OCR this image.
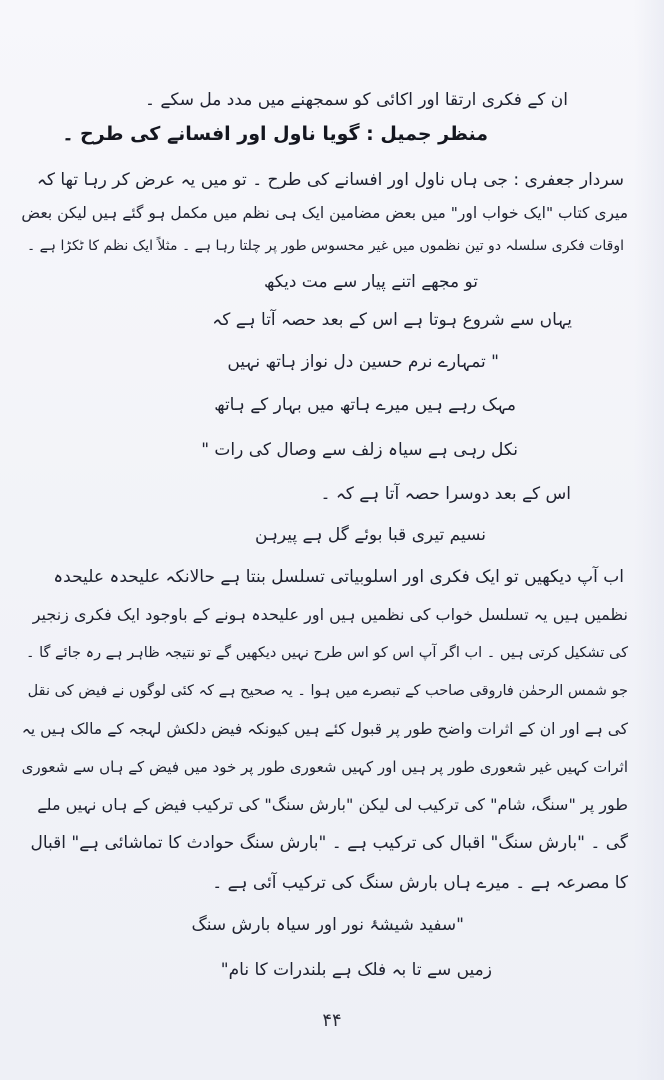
ان کے فکری ارتقا اور اکائی کو سمجھنے میں مدد مل سکے ۔
منظر جمیل : گویا ناول اور افسانے کی طرح ۔
سردار جعفری : جی ہاں ناول اور افسانے کی طرح ۔ تو میں یہ عرض کر رہا تھا کہ
میری کتاب "ایک خواب اور" میں بعض مضامین ایک ہی نظم میں مکمل ہو گئے ہیں لیکن بعض
اوقات فکری سلسلہ دو تین نظموں میں غیر محسوس طور پر چلتا رہا ہے ۔ مثلاً ایک نظم کا ٹکڑا ہے ۔
تو مجھے اتنے پیار سے مت دیکھ
یہاں سے شروع ہوتا ہے اس کے بعد حصہ آتا ہے کہ
" تمہارے نرم حسین دل نواز ہاتھ نہیں
مہک رہے ہیں میرے ہاتھ میں بہار کے ہاتھ
نکل رہی ہے سیاہ زلف سے وصال کی رات "
اس کے بعد دوسرا حصہ آتا ہے کہ ۔
نسیم تیری قبا بوئے گل ہے پیرہن
اب آپ دیکھیں تو ایک فکری اور اسلوبیاتی تسلسل بنتا ہے حالانکہ علیحدہ علیحدہ
نظمیں ہیں یہ تسلسل خواب کی نظمیں ہیں اور علیحدہ ہونے کے باوجود ایک فکری زنجیر
کی تشکیل کرتی ہیں ۔ اب اگر آپ اس کو اس طرح نہیں دیکھیں گے تو نتیجہ ظاہر ہے رہ جائے گا ۔
جو شمس الرحمٰن فاروقی صاحب کے تبصرے میں ہوا ۔ یہ صحیح ہے کہ کئی لوگوں نے فیض کی نقل
کی ہے اور ان کے اثرات واضح طور پر قبول کئے ہیں کیونکہ فیض دلکش لہجہ کے مالک ہیں یہ
اثرات کہیں غیر شعوری طور پر ہیں اور کہیں شعوری طور پر خود میں فیض کے ہاں سے شعوری
طور پر "سنگ، شام" کی ترکیب لی لیکن "بارش سنگ" کی ترکیب فیض کے ہاں نہیں ملے
گی ۔ "بارش سنگ" اقبال کی ترکیب ہے ۔ "بارش سنگ حوادث کا تماشائی ہے" اقبال
کا مصرعہ ہے ۔ میرے ہاں بارش سنگ کی ترکیب آئی ہے ۔
"سفید شیشۂ نور اور سیاہ بارش سنگ
زمیں سے تا بہ فلک ہے بلندرات کا نام"
۴۴
